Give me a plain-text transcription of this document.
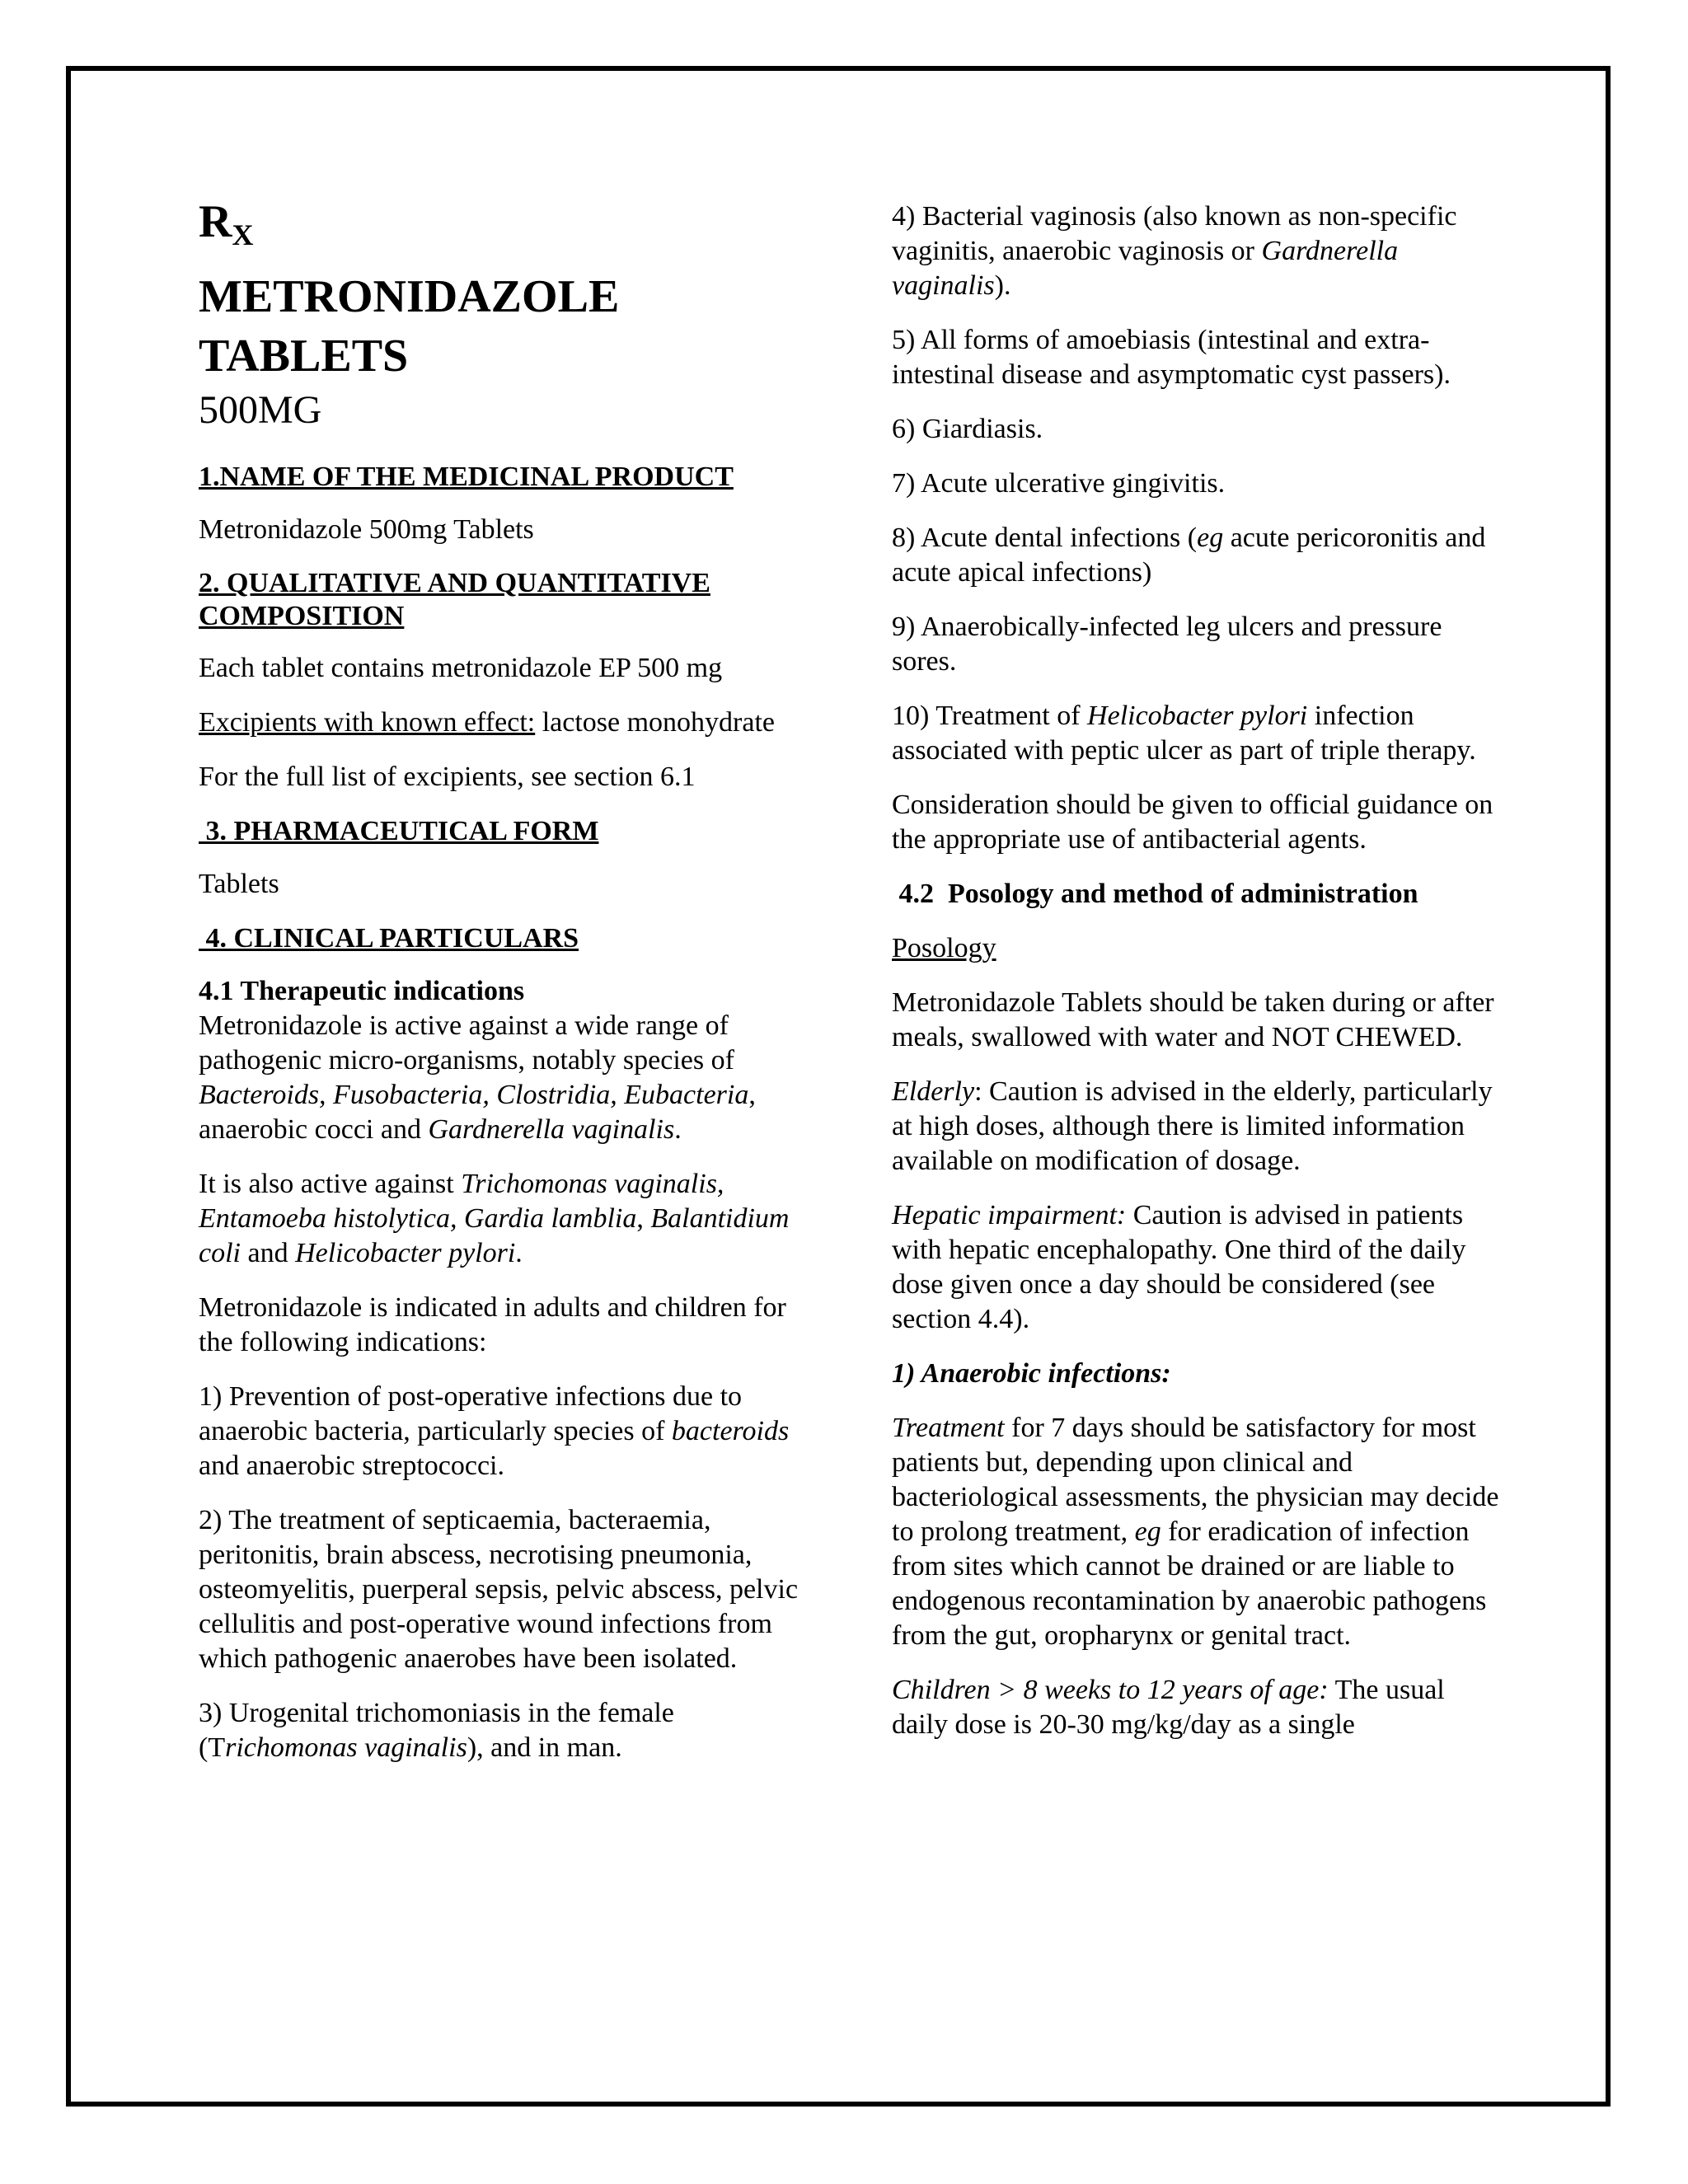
$R_X$

METRONIDAZOLE
TABLETS

500MG

1.NAME OF THE MEDICINAL PRODUCT

Metronidazole 500mg Tablets

2. QUALITATIVE AND QUANTITATIVE
COMPOSITION

Each tablet contains metronidazole EP 500 mg

Excipients with known effect: lactose monohydrate

For the full list of excipients, see section 6.1

3. PHARMACEUTICAL FORM

Tablets

4. CLINICAL PARTICULARS

4.1 Therapeutic indications

Metronidazole is active against a wide range of pathogenic micro-organisms, notably species of Bacteroids, Fusobacteria, Clostridia, Eubacteria, anaerobic cocci and Gardnerella vaginalis.

It is also active against Trichomonas vaginalis, Entamoeba histolytica, Gardia lamblia, Balantidium coli and Helicobacter pylori.

Metronidazole is indicated in adults and children for the following indications:

1) Prevention of post-operative infections due to anaerobic bacteria, particularly species of bacteroids and anaerobic streptococci.

2) The treatment of septicaemia, bacteraemia, peritonitis, brain abscess, necrotising pneumonia, osteomyelitis, puerperal sepsis, pelvic abscess, pelvic cellulitis and post-operative wound infections from which pathogenic anaerobes have been isolated.

3) Urogenital trichomoniasis in the female (Trichomonas vaginalis), and in man.

4) Bacterial vaginosis (also known as non-specific vaginitis, anaerobic vaginosis or Gardnerella vaginalis).

5) All forms of amoebiasis (intestinal and extra-intestinal disease and asymptomatic cyst passers).

6) Giardiasis.

7) Acute ulcerative gingivitis.

8) Acute dental infections (eg acute pericoronitis and acute apical infections)

9) Anaerobically-infected leg ulcers and pressure sores.

10) Treatment of Helicobacter pylori infection associated with peptic ulcer as part of triple therapy.

Consideration should be given to official guidance on the appropriate use of antibacterial agents.

4.2  Posology and method of administration

Posology

Metronidazole Tablets should be taken during or after meals, swallowed with water and NOT CHEWED.

Elderly: Caution is advised in the elderly, particularly at high doses, although there is limited information available on modification of dosage.

Hepatic impairment: Caution is advised in patients with hepatic encephalopathy. One third of the daily dose given once a day should be considered (see section 4.4).

1) Anaerobic infections:

Treatment for 7 days should be satisfactory for most patients but, depending upon clinical and bacteriological assessments, the physician may decide to prolong treatment, eg for eradication of infection from sites which cannot be drained or are liable to endogenous recontamination by anaerobic pathogens from the gut, oropharynx or genital tract.

Children > 8 weeks to 12 years of age: The usual daily dose is 20-30 mg/kg/day as a single
